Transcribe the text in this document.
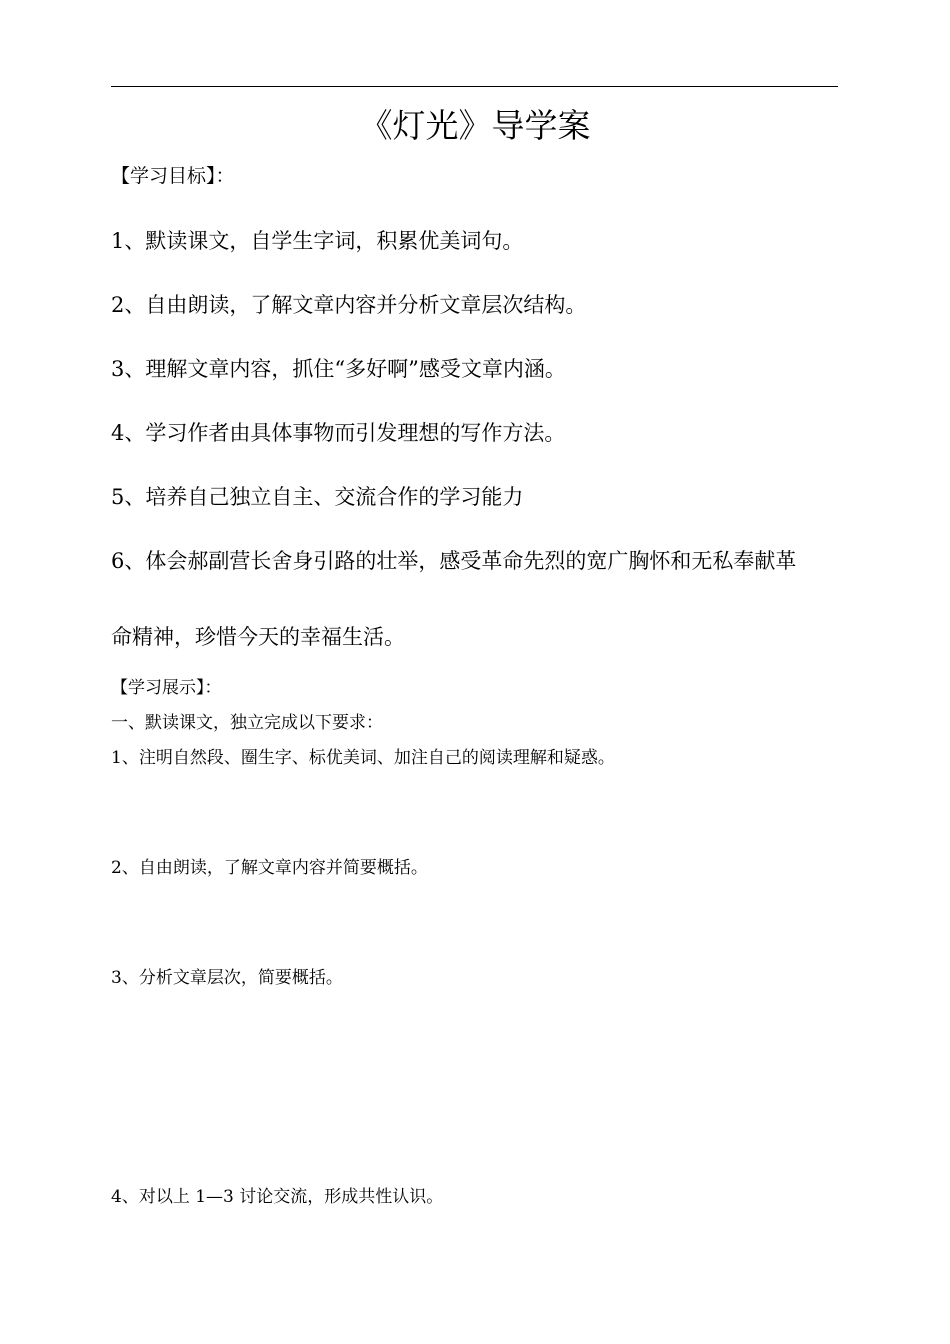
《灯光》导学案
【学习目标】：
1、默读课文，自学生字词，积累优美词句。
2、自由朗读，了解文章内容并分析文章层次结构。
3、理解文章内容，抓住“多好啊”感受文章内涵。
4、学习作者由具体事物而引发理想的写作方法。
5、培养自己独立自主、交流合作的学习能力
6、体会郝副营长舍身引路的壮举，感受革命先烈的宽广胸怀和无私奉献革
命精神，珍惜今天的幸福生活。
【学习展示】：
一、默读课文，独立完成以下要求：
1、注明自然段、圈生字、标优美词、加注自己的阅读理解和疑惑。
2、自由朗读，了解文章内容并简要概括。
3、分析文章层次，简要概括。
4、对以上 1—3 讨论交流，形成共性认识。
